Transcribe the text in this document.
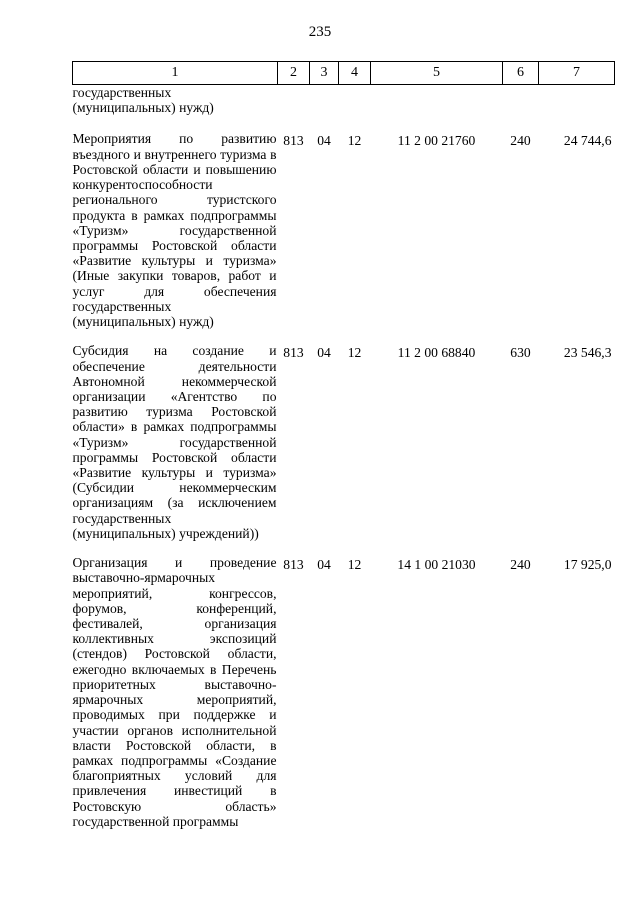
235
1	2	3	4	5	6	7
государственных (муниципальных) нужд)						
Мероприятия по развитию въездного и внутреннего туризма в Ростовской области и повышению конкурентоспособности регионального туристского продукта в рамках подпрограммы «Туризм» государственной программы Ростовской области «Развитие культуры и туризма» (Иные закупки товаров, работ и услуг для обеспечения государственных (муниципальных) нужд)	813	04	12	11 2 00 21760	240	24 744,6
Субсидия на создание и обеспечение деятельности Автономной некоммерческой организации «Агентство по развитию туризма Ростовской области» в рамках подпрограммы «Туризм» государственной программы Ростовской области «Развитие культуры и туризма» (Субсидии некоммерческим организациям (за исключением государственных (муниципальных) учреждений))	813	04	12	11 2 00 68840	630	23 546,3
Организация и проведение выставочно-ярмарочных мероприятий, конгрессов, форумов, конференций, фестивалей, организация коллективных экспозиций (стендов) Ростовской области, ежегодно включаемых в Перечень приоритетных выставочно-ярмарочных мероприятий, проводимых при поддержке и участии органов исполнительной власти Ростовской области, в рамках подпрограммы «Создание благоприятных условий для привлечения инвестиций в Ростовскую область» государственной программы	813	04	12	14 1 00 21030	240	17 925,0
